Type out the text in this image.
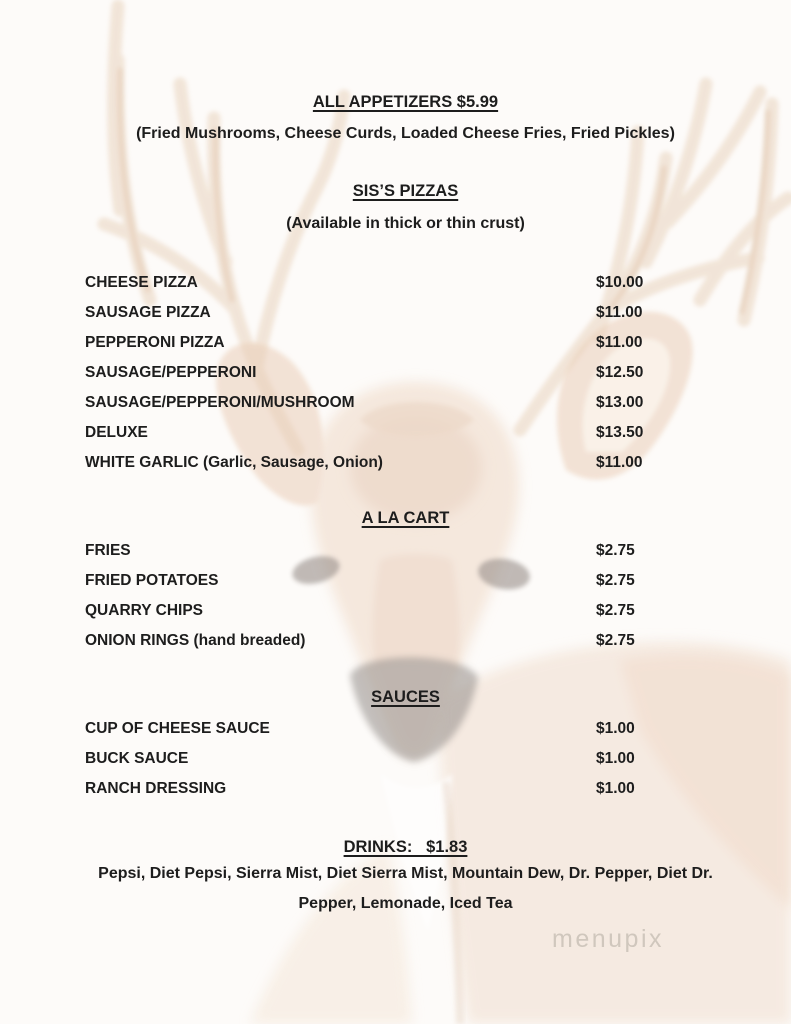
ALL APPETIZERS $5.99

(Fried Mushrooms, Cheese Curds, Loaded Cheese Fries, Fried Pickles)

SIS’S PIZZAS

(Available in thick or thin crust)

CHEESE PIZZA	$10.00
SAUSAGE PIZZA	$11.00
PEPPERONI PIZZA	$11.00
SAUSAGE/PEPPERONI	$12.50
SAUSAGE/PEPPERONI/MUSHROOM	$13.00
DELUXE	$13.50
WHITE GARLIC (Garlic, Sausage, Onion)	$11.00
A LA CART
FRIES	$2.75
FRIED POTATOES	$2.75
QUARRY CHIPS	$2.75
ONION RINGS (hand breaded)	$2.75
SAUCES
CUP OF CHEESE SAUCE	$1.00
BUCK SAUCE	$1.00
RANCH DRESSING	$1.00
DRINKS:   $1.83
Pepsi, Diet Pepsi, Sierra Mist, Diet Sierra Mist, Mountain Dew, Dr. Pepper, Diet Dr.
Pepper, Lemonade, Iced Tea
menupix
